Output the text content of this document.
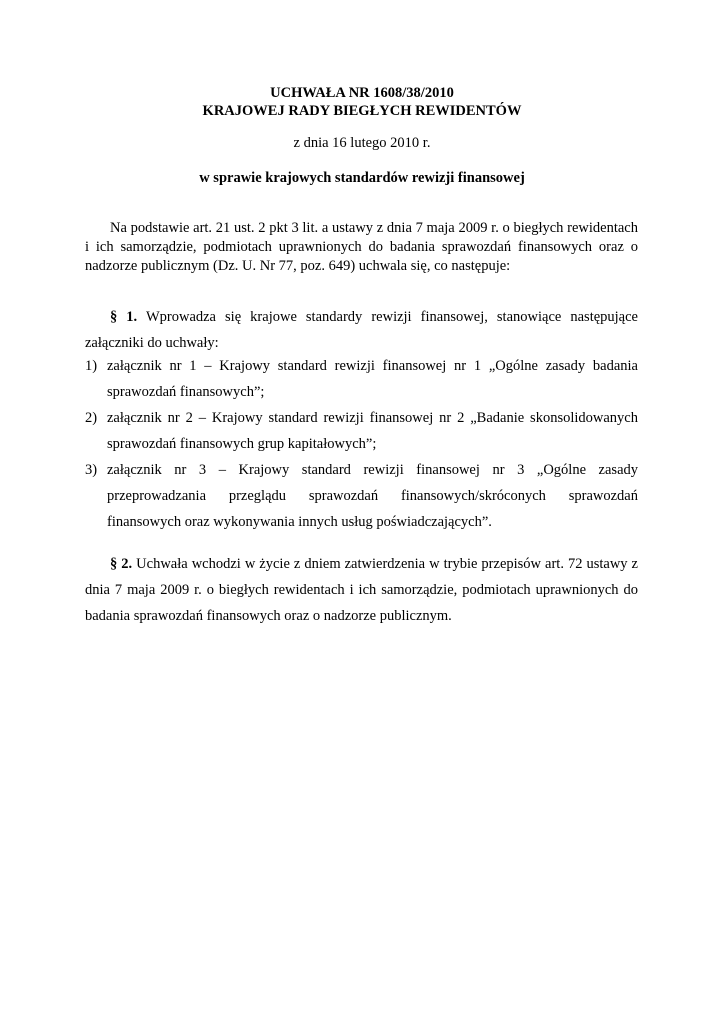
UCHWAŁA NR 1608/38/2010
KRAJOWEJ RADY BIEGŁYCH REWIDENTÓW
z dnia 16 lutego 2010 r.
w sprawie krajowych standardów rewizji finansowej

Na podstawie art. 21 ust. 2 pkt 3 lit. a ustawy z dnia 7 maja 2009 r. o biegłych rewidentach i ich samorządzie, podmiotach uprawnionych do badania sprawozdań finansowych oraz o nadzorze publicznym (Dz. U. Nr 77, poz. 649) uchwala się, co następuje:

§ 1. Wprowadza się krajowe standardy rewizji finansowej, stanowiące następujące załączniki do uchwały:

1) załącznik nr 1 – Krajowy standard rewizji finansowej nr 1 „Ogólne zasady badania sprawozdań finansowych”;
2) załącznik nr 2 – Krajowy standard rewizji finansowej nr 2 „Badanie skonsolidowanych sprawozdań finansowych grup kapitałowych”;
3) załącznik nr 3 – Krajowy standard rewizji finansowej nr 3 „Ogólne zasady przeprowadzania przeglądu sprawozdań finansowych/skróconych sprawozdań finansowych oraz wykonywania innych usług poświadczających”.

§ 2. Uchwała wchodzi w życie z dniem zatwierdzenia w trybie przepisów art. 72 ustawy z dnia 7 maja 2009 r. o biegłych rewidentach i ich samorządzie, podmiotach uprawnionych do badania sprawozdań finansowych oraz o nadzorze publicznym.
